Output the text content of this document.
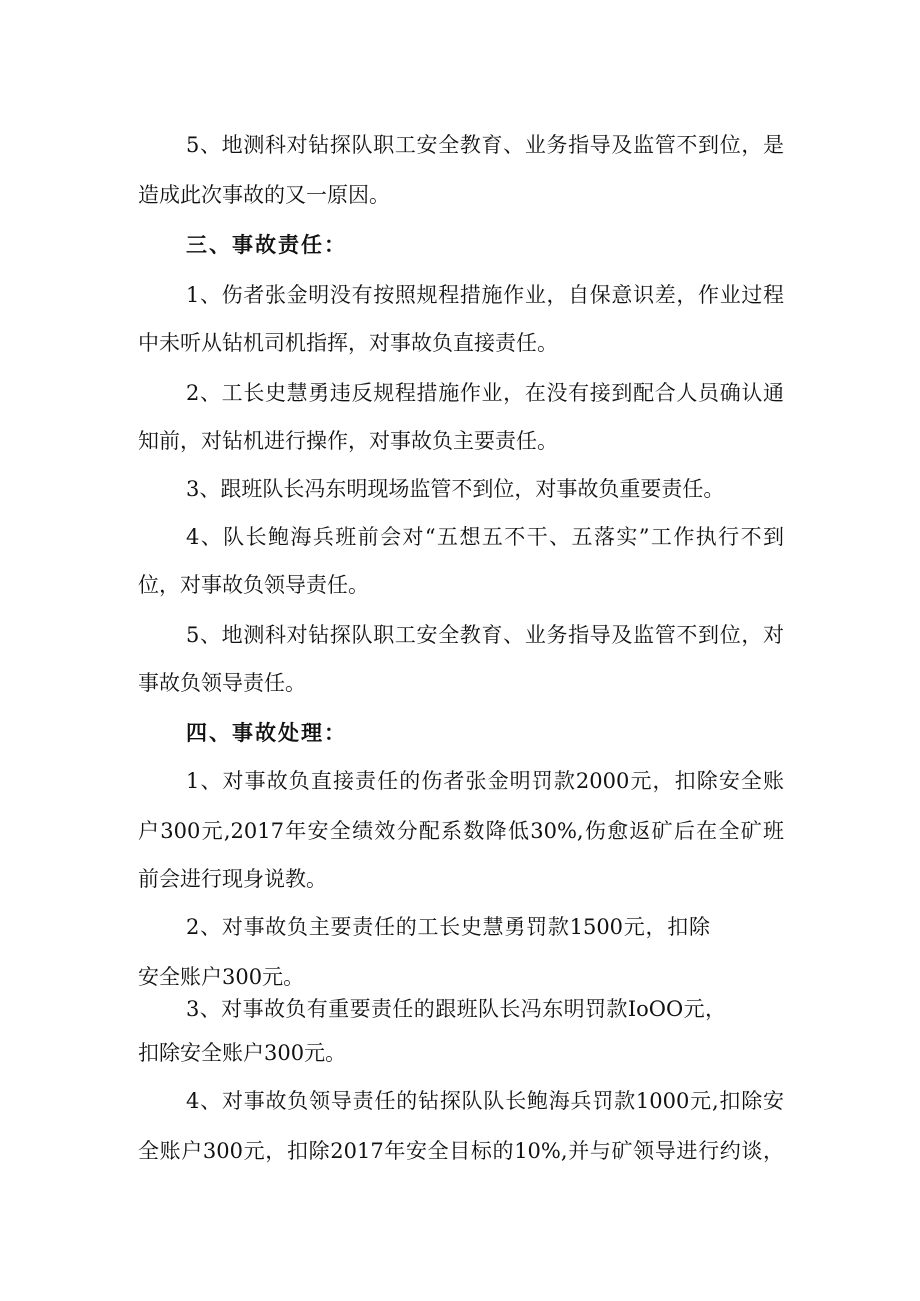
5、地测科对钻探队职工安全教育、业务指导及监管不到位，是
造成此次事故的又一原因。
三、事故责任：
1、伤者张金明没有按照规程措施作业，自保意识差，作业过程
中未听从钻机司机指挥，对事故负直接责任。
2、工长史慧勇违反规程措施作业，在没有接到配合人员确认通
知前，对钻机进行操作，对事故负主要责任。
3、跟班队长冯东明现场监管不到位，对事故负重要责任。
4、队长鲍海兵班前会对“五想五不干、五落实”工作执行不到
位，对事故负领导责任。
5、地测科对钻探队职工安全教育、业务指导及监管不到位，对
事故负领导责任。
四、事故处理：
1、对事故负直接责任的伤者张金明罚款2000元，扣除安全账
户300元,2017年安全绩效分配系数降低30%,伤愈返矿后在全矿班
前会进行现身说教。
2、对事故负主要责任的工长史慧勇罚款1500元，扣除
安全账户300元。
3、对事故负有重要责任的跟班队长冯东明罚款IoOO元，
扣除安全账户300元。
4、对事故负领导责任的钻探队队长鲍海兵罚款1000元,扣除安
全账户300元，扣除2017年安全目标的10%,并与矿领导进行约谈，
